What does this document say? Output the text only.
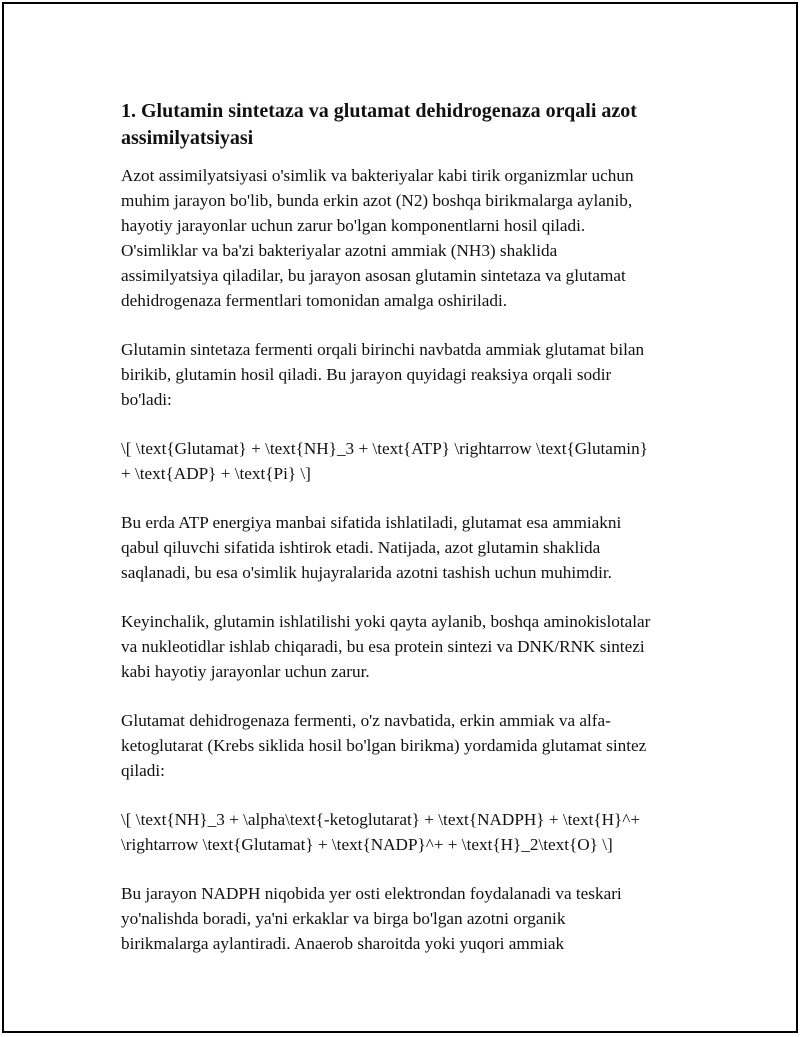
1. Glutamin sintetaza va glutamat dehidrogenaza orqali azot
assimilyatsiyasi

Azot assimilyatsiyasi o'simlik va bakteriyalar kabi tirik organizmlar uchun
muhim jarayon bo'lib, bunda erkin azot (N2) boshqa birikmalarga aylanib,
hayotiy jarayonlar uchun zarur bo'lgan komponentlarni hosil qiladi.
O'simliklar va ba'zi bakteriyalar azotni ammiak (NH3) shaklida
assimilyatsiya qiladilar, bu jarayon asosan glutamin sintetaza va glutamat
dehidrogenaza fermentlari tomonidan amalga oshiriladi.

Glutamin sintetaza fermenti orqali birinchi navbatda ammiak glutamat bilan
birikib, glutamin hosil qiladi. Bu jarayon quyidagi reaksiya orqali sodir
bo'ladi:

\[ \text{Glutamat} + \text{NH}_3 + \text{ATP} \rightarrow \text{Glutamin}
+ \text{ADP} + \text{Pi} \]

Bu erda ATP energiya manbai sifatida ishlatiladi, glutamat esa ammiakni
qabul qiluvchi sifatida ishtirok etadi. Natijada, azot glutamin shaklida
saqlanadi, bu esa o'simlik hujayralarida azotni tashish uchun muhimdir.

Keyinchalik, glutamin ishlatilishi yoki qayta aylanib, boshqa aminokislotalar
va nukleotidlar ishlab chiqaradi, bu esa protein sintezi va DNK/RNK sintezi
kabi hayotiy jarayonlar uchun zarur.

Glutamat dehidrogenaza fermenti, o'z navbatida, erkin ammiak va alfa-
ketoglutarat (Krebs siklida hosil bo'lgan birikma) yordamida glutamat sintez
qiladi:

\[ \text{NH}_3 + \alpha\text{-ketoglutarat} + \text{NADPH} + \text{H}^+
\rightarrow \text{Glutamat} + \text{NADP}^+ + \text{H}_2\text{O} \]

Bu jarayon NADPH niqobida yer osti elektrondan foydalanadi va teskari
yo'nalishda boradi, ya'ni erkaklar va birga bo'lgan azotni organik
birikmalarga aylantiradi. Anaerob sharoitda yoki yuqori ammiak
